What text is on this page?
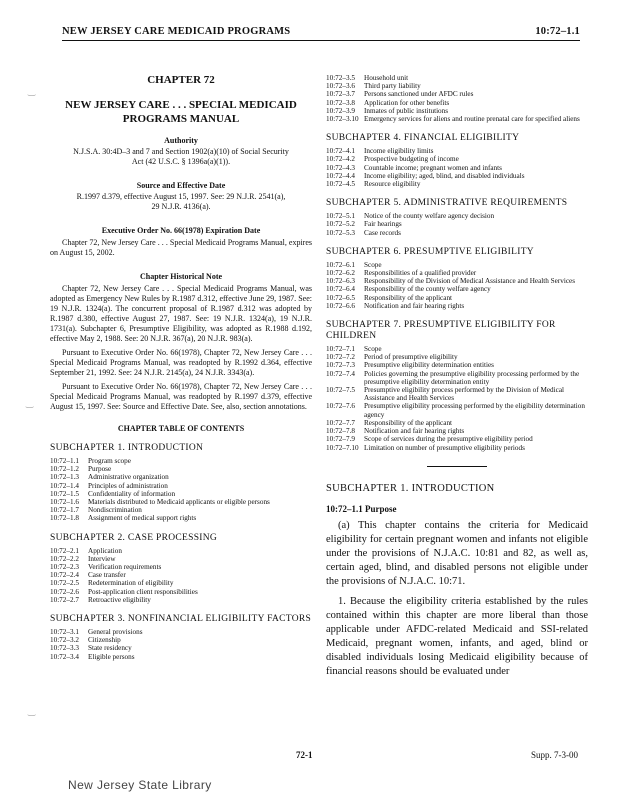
NEW JERSEY CARE MEDICAID PROGRAMS	10:72–1.1
CHAPTER 72
NEW JERSEY CARE . . . SPECIAL MEDICAID
PROGRAMS MANUAL
Authority
N.J.S.A. 30:4D–3 and 7 and Section 1902(a)(10) of Social Security Act (42 U.S.C. § 1396a(a)(1)).
Source and Effective Date
R.1997 d.379, effective August 15, 1997. See: 29 N.J.R. 2541(a), 29 N.J.R. 4136(a).
Executive Order No. 66(1978) Expiration Date
Chapter 72, New Jersey Care . . . Special Medicaid Programs Manual, expires on August 15, 2002.
Chapter Historical Note
Chapter 72, New Jersey Care . . . Special Medicaid Programs Manual, was adopted as Emergency New Rules by R.1987 d.312, effective June 29, 1987. See: 19 N.J.R. 1324(a). The concurrent proposal of R.1987 d.312 was adopted by R.1987 d.380, effective August 27, 1987. See: 19 N.J.R. 1324(a), 19 N.J.R. 1731(a). Subchapter 6, Presumptive Eligibility, was adopted as R.1988 d.192, effective May 2, 1988. See: 20 N.J.R. 367(a), 20 N.J.R. 983(a).
Pursuant to Executive Order No. 66(1978), Chapter 72, New Jersey Care . . . Special Medicaid Programs Manual, was readopted by R.1992 d.364, effective September 21, 1992. See: 24 N.J.R. 2145(a), 24 N.J.R. 3343(a).
Pursuant to Executive Order No. 66(1978), Chapter 72, New Jersey Care . . . Special Medicaid Programs Manual, was readopted by R.1997 d.379, effective August 15, 1997. See: Source and Effective Date. See, also, section annotations.
CHAPTER TABLE OF CONTENTS
SUBCHAPTER 1. INTRODUCTION
10:72–1.1	Program scope
10:72–1.2	Purpose
10:72–1.3	Administrative organization
10:72–1.4	Principles of administration
10:72–1.5	Confidentiality of information
10:72–1.6	Materials distributed to Medicaid applicants or eligible persons
10:72–1.7	Nondiscrimination
10:72–1.8	Assignment of medical support rights
SUBCHAPTER 2. CASE PROCESSING
10:72–2.1	Application
10:72–2.2	Interview
10:72–2.3	Verification requirements
10:72–2.4	Case transfer
10:72–2.5	Redetermination of eligibility
10:72–2.6	Post-application client responsibilities
10:72–2.7	Retroactive eligibility
SUBCHAPTER 3. NONFINANCIAL ELIGIBILITY FACTORS
10:72–3.1	General provisions
10:72–3.2	Citizenship
10:72–3.3	State residency
10:72–3.4	Eligible persons
10:72–3.5	Household unit
10:72–3.6	Third party liability
10:72–3.7	Persons sanctioned under AFDC rules
10:72–3.8	Application for other benefits
10:72–3.9	Inmates of public institutions
10:72–3.10 Emergency services for aliens and routine prenatal care for specified aliens
SUBCHAPTER 4. FINANCIAL ELIGIBILITY
10:72–4.1	Income eligibility limits
10:72–4.2	Prospective budgeting of income
10:72–4.3	Countable income; pregnant women and infants
10:72–4.4	Income eligibility; aged, blind, and disabled individuals
10:72–4.5	Resource eligibility
SUBCHAPTER 5. ADMINISTRATIVE REQUIREMENTS
10:72–5.1	Notice of the county welfare agency decision
10:72–5.2	Fair hearings
10:72–5.3	Case records
SUBCHAPTER 6. PRESUMPTIVE ELIGIBILITY
10:72–6.1	Scope
10:72–6.2	Responsibilities of a qualified provider
10:72–6.3	Responsibility of the Division of Medical Assistance and Health Services
10:72–6.4	Responsibility of the county welfare agency
10:72–6.5	Responsibility of the applicant
10:72–6.6	Notification and fair hearing rights
SUBCHAPTER 7. PRESUMPTIVE ELIGIBILITY FOR CHILDREN
10:72–7.1	Scope
10:72–7.2	Period of presumptive eligibility
10:72–7.3	Presumptive eligibility determination entities
10:72–7.4	Policies governing the presumptive eligibility processing performed by the presumptive eligibility determination entity
10:72–7.5	Presumptive eligibility process performed by the Division of Medical Assistance and Health Services
10:72–7.6	Presumptive eligibility processing performed by the eligibility determination agency
10:72–7.7	Responsibility of the applicant
10:72–7.8	Notification and fair hearing rights
10:72–7.9	Scope of services during the presumptive eligibility period
10:72–7.10 Limitation on number of presumptive eligibility periods
SUBCHAPTER 1. INTRODUCTION
10:72–1.1 Purpose
(a) This chapter contains the criteria for Medicaid eligibility for certain pregnant women and infants not eligible under the provisions of N.J.A.C. 10:81 and 82, as well as, certain aged, blind, and disabled persons not eligible under the provisions of N.J.A.C. 10:71.
1. Because the eligibility criteria established by the rules contained within this chapter are more liberal than those applicable under AFDC-related Medicaid and SSI-related Medicaid, pregnant women, infants, and aged, blind or disabled individuals losing Medicaid eligibility because of financial reasons should be evaluated under
72-1	Supp. 7-3-00
New Jersey State Library
‿
‿
‿
